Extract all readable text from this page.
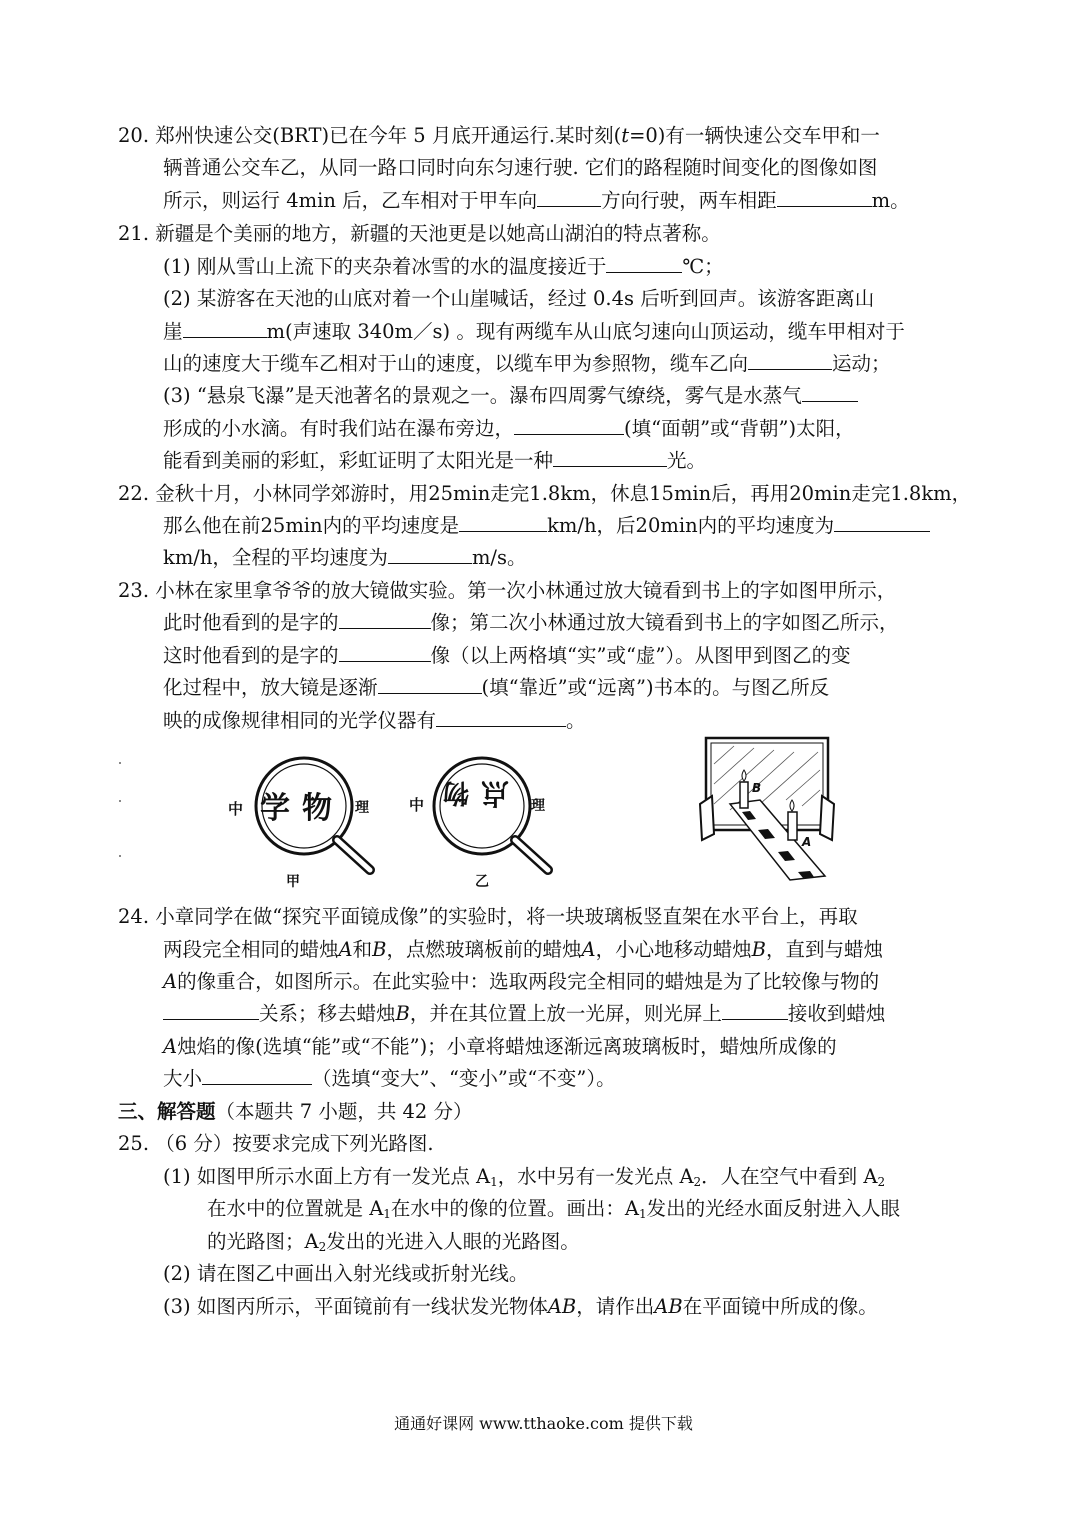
20. 郑州快速公交(BRT)已在今年 5 月底开通运行.某时刻(t=0)有一辆快速公交车甲和一
辆普通公交车乙，从同一路口同时向东匀速行驶. 它们的路程随时间变化的图像如图
所示，则运行 4min 后，乙车相对于甲车向	方向行驶，两车相距	m。
21. 新疆是个美丽的地方，新疆的天池更是以她高山湖泊的特点著称。
(1) 刚从雪山上流下的夹杂着冰雪的水的温度接近于	℃；
(2) 某游客在天池的山底对着一个山崖喊话，经过 0.4s 后听到回声。该游客距离山
崖	m(声速取 340m／s) 。现有两缆车从山底匀速向山顶运动，缆车甲相对于
山的速度大于缆车乙相对于山的速度，以缆车甲为参照物，缆车乙向	运动；
(3) “悬泉飞瀑”是天池著名的景观之一。瀑布四周雾气缭绕，雾气是水蒸气
形成的小水滴。有时我们站在瀑布旁边，	(填“面朝”或“背朝”)太阳，
能看到美丽的彩虹，彩虹证明了太阳光是一种	光。
22. 金秋十月，小林同学郊游时，用25min走完1.8km，休息15min后，再用20min走完1.8km，
那么他在前25min内的平均速度是	km/h，后20min内的平均速度为
km/h，全程的平均速度为	m/s。
23. 小林在家里拿爷爷的放大镜做实验。第一次小林通过放大镜看到书上的字如图甲所示，
此时他看到的是字的	像；第二次小林通过放大镜看到书上的字如图乙所示，
这时他看到的是字的	像（以上两格填“实”或“虚”）。从图甲到图乙的变
化过程中，放大镜是逐渐	(填“靠近”或“远离”)书本的。与图乙所反
映的成像规律相同的光学仪器有	。
中 学 物 理
甲
中 物 点 理
乙
B
A
24. 小章同学在做“探究平面镜成像”的实验时，将一块玻璃板竖直架在水平台上，再取
两段完全相同的蜡烛A和B，点燃玻璃板前的蜡烛A，小心地移动蜡烛B，直到与蜡烛
A的像重合，如图所示。在此实验中：选取两段完全相同的蜡烛是为了比较像与物的
关系；移去蜡烛B，并在其位置上放一光屏，则光屏上	接收到蜡烛
A烛焰的像(选填“能”或“不能”)；小章将蜡烛逐渐远离玻璃板时，蜡烛所成像的
大小	（选填“变大”、“变小”或“不变”）。
三、解答题（本题共 7 小题，共 42 分）
25. （6 分）按要求完成下列光路图.
(1) 如图甲所示水面上方有一发光点 $A_1$，水中另有一发光点 $A_2$．人在空气中看到 $A_2$
在水中的位置就是 $A_1$在水中的像的位置。画出：$A_1$发出的光经水面反射进入人眼
的光路图；$A_2$发出的光进入人眼的光路图。
(2) 请在图乙中画出入射光线或折射光线。
(3) 如图丙所示，平面镜前有一线状发光物体AB，请作出AB在平面镜中所成的像。
通通好课网 www.tthaoke.com 提供下载
